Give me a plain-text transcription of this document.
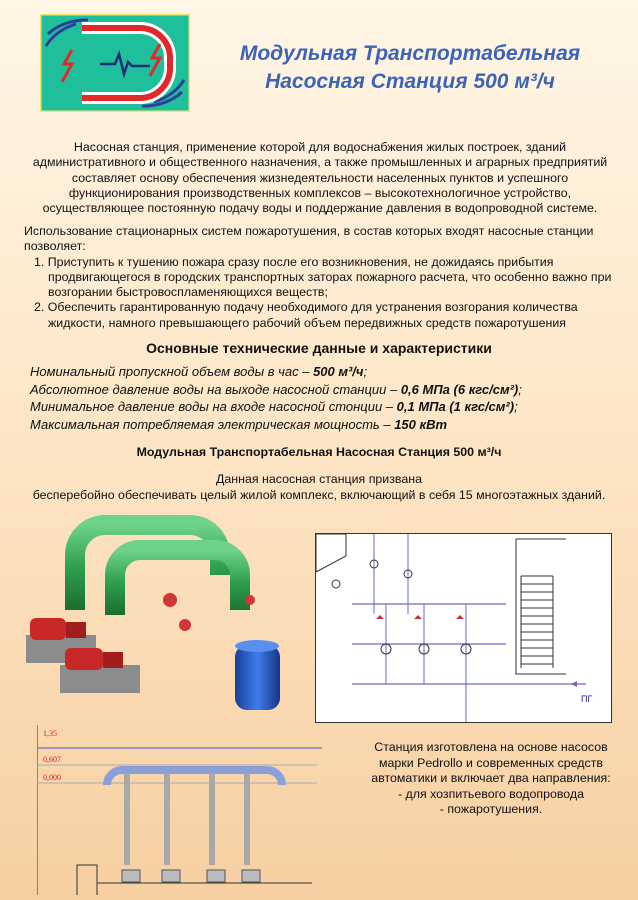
Модульная Транспортабельная
Насосная Станция 500 м³/ч
Насосная станция, применение которой для водоснабжения жилых построек, зданий административного и общественного назначения, а также промышленных и аграрных предприятий составляет основу обеспечения жизнедеятельности населенных пунктов и успешного функционирования производственных комплексов – высокотехнологичное устройство, осуществляющее постоянную подачу воды и поддержание давления в водопроводной системе.
Использование стационарных систем пожаротушения, в состав которых входят насосные станции позволяет:
1. Приступить к тушению пожара сразу после его возникновения, не дожидаясь прибытия продвигающегося в городских транспортных заторах пожарного расчета, что особенно важно при возгорании быстровоспламеняющихся веществ;
2. Обеспечить гарантированную подачу необходимого для устранения возгорания количества жидкости, намного превышающего рабочий объем передвижных средств пожаротушения
Основные технические данные и характеристики
Номинальный пропускной объем воды в час – 500 м³/ч;
Абсолютное давление воды на выходе насосной станции – 0,6 МПа (6 кгс/см²);
Минимальное давление воды на входе насосной стонции – 0,1 МПа (1 кгс/см²);
Максимальная потребляемая электрическая мощность – 150 кВт
Модульная Транспортабельная Насосная Станция 500 м³/ч
Данная насосная станция призвана
бесперебойно обеспечивать целый жилой комплекс, включающий в себя 15 многоэтажных зданий.
ПГ
1,35
0,607
0,000
Станция изготовлена на основе насосов
марки Pedrollo и современных средств
автоматики и включает два направления:
- для хозпитьевого водопровода
- пожаротушения.
